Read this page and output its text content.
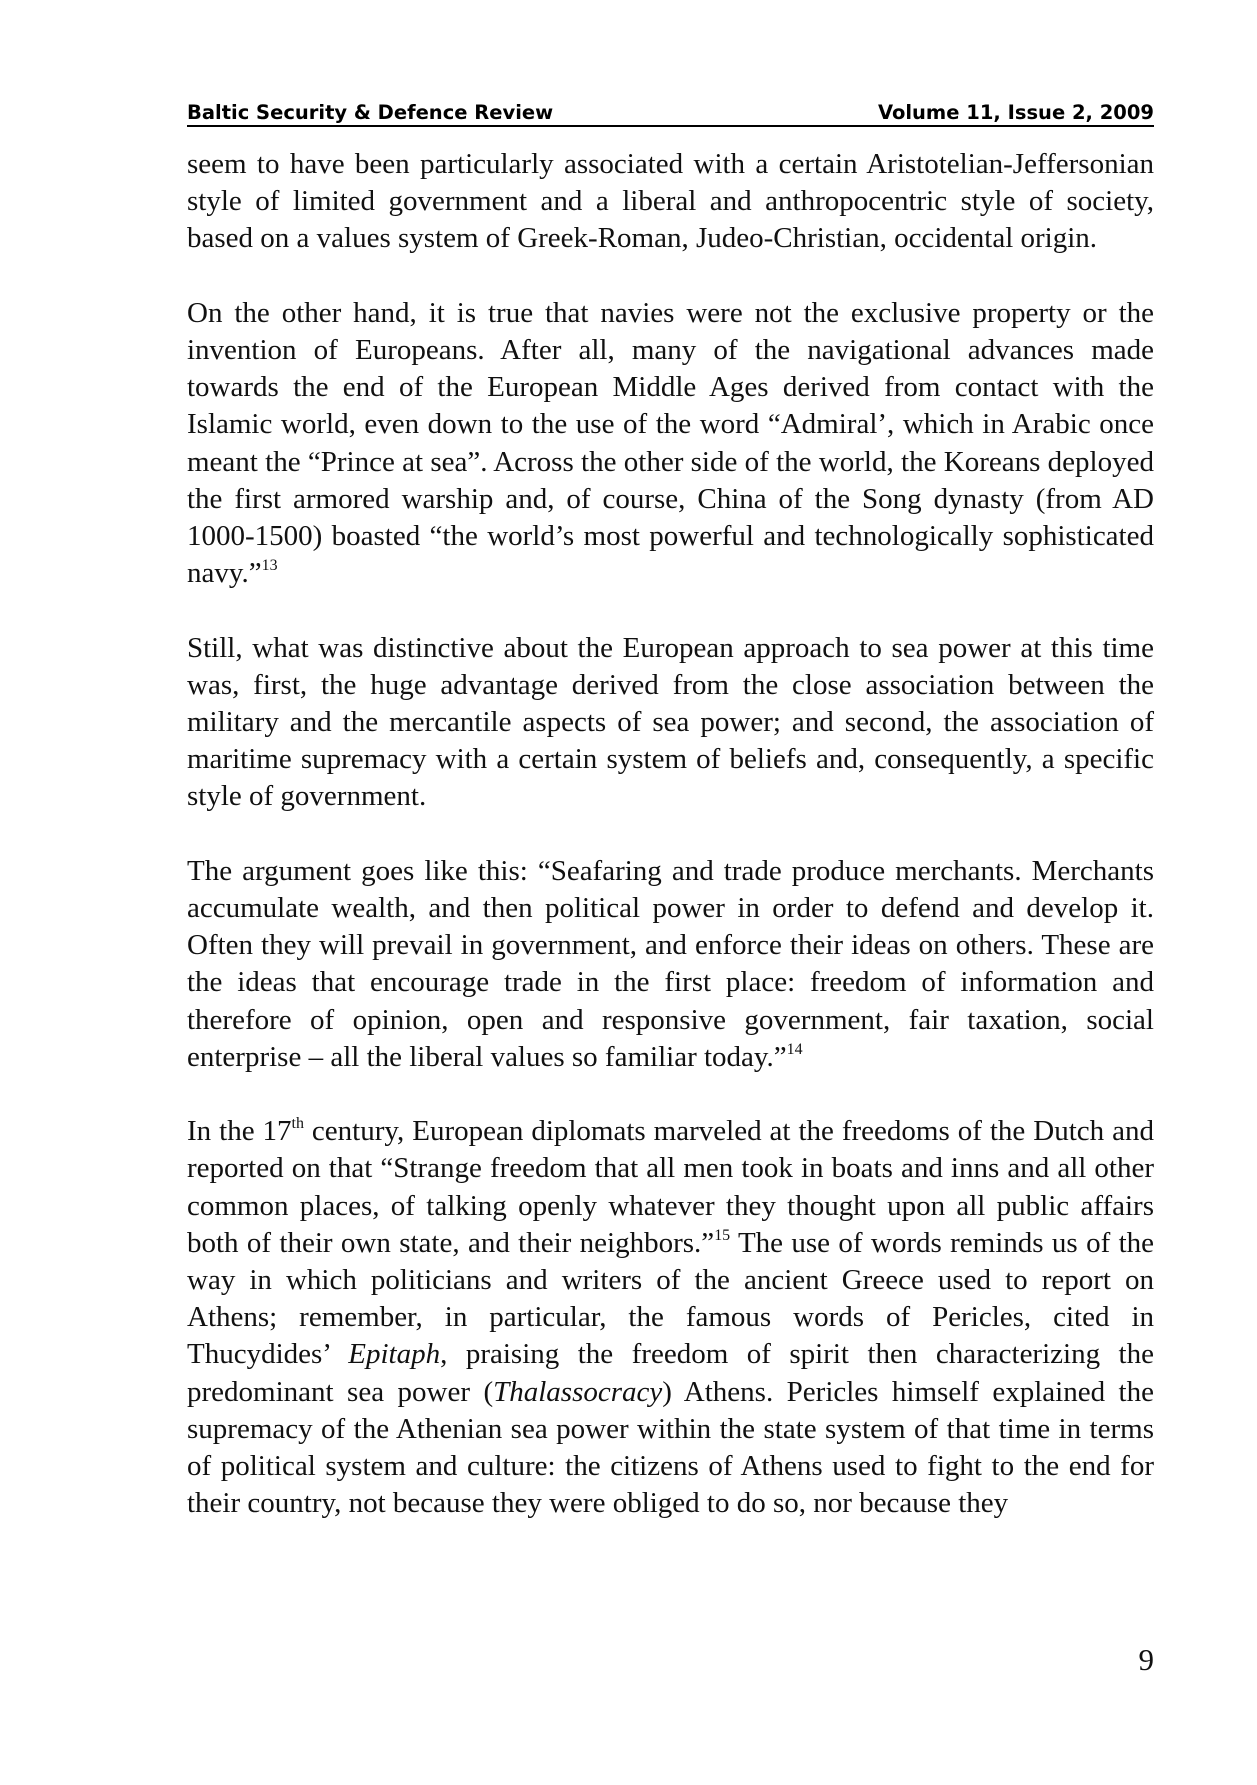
Baltic Security & Defence Review	Volume 11, Issue 2, 2009

seem to have been particularly associated with a certain Aristotelian-Jeffersonian style of limited government and a liberal and anthropocentric style of society, based on a values system of Greek-Roman, Judeo-Christian, occidental origin.

On the other hand, it is true that navies were not the exclusive property or the invention of Europeans. After all, many of the navigational advances made towards the end of the European Middle Ages derived from contact with the Islamic world, even down to the use of the word “Admiral’, which in Arabic once meant the “Prince at sea”. Across the other side of the world, the Koreans deployed the first armored warship and, of course, China of the Song dynasty (from AD 1000-1500) boasted “the world’s most powerful and technologically sophisticated navy.”$^{13}$

Still, what was distinctive about the European approach to sea power at this time was, first, the huge advantage derived from the close association between the military and the mercantile aspects of sea power; and second, the association of maritime supremacy with a certain system of beliefs and, consequently, a specific style of government.

The argument goes like this: “Seafaring and trade produce merchants. Merchants accumulate wealth, and then political power in order to defend and develop it. Often they will prevail in government, and enforce their ideas on others. These are the ideas that encourage trade in the first place: freedom of information and therefore of opinion, open and responsive government, fair taxation, social enterprise – all the liberal values so familiar today.”$^{14}$

In the 17th century, European diplomats marveled at the freedoms of the Dutch and reported on that “Strange freedom that all men took in boats and inns and all other common places, of talking openly whatever they thought upon all public affairs both of their own state, and their neighbors.”$^{15}$ The use of words reminds us of the way in which politicians and writers of the ancient Greece used to report on Athens; remember, in particular, the famous words of Pericles, cited in Thucydides’ Epitaph, praising the freedom of spirit then characterizing the predominant sea power (Thalassocracy) Athens. Pericles himself explained the supremacy of the Athenian sea power within the state system of that time in terms of political system and culture: the citizens of Athens used to fight to the end for their country, not because they were obliged to do so, nor because they

9
